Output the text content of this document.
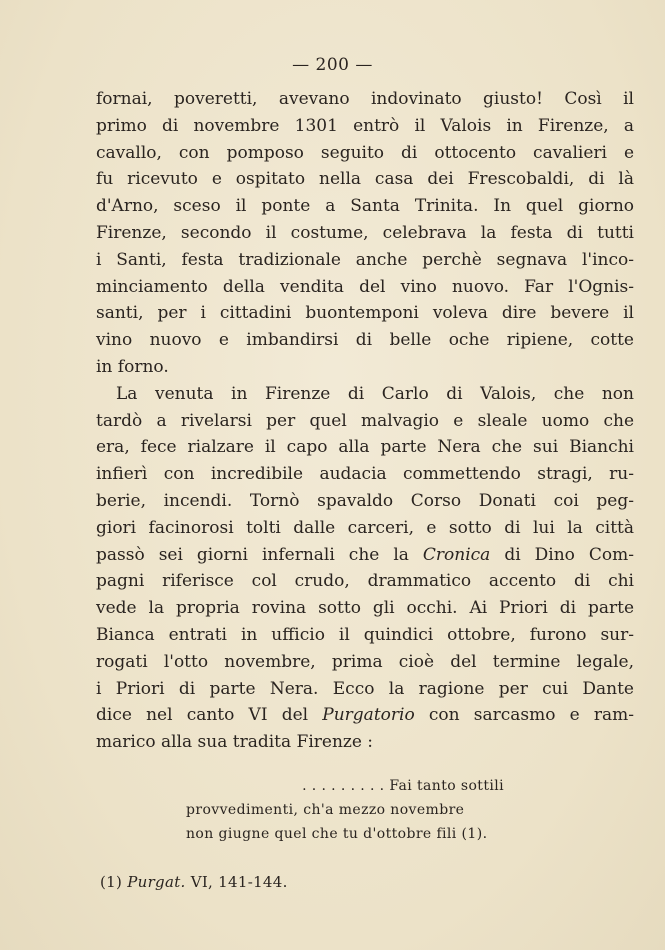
— 200 —

fornai, poveretti, avevano indovinato giusto! Così il
primo di novembre 1301 entrò il Valois in Firenze, a
cavallo, con pomposo seguito di ottocento cavalieri e
fu ricevuto e ospitato nella casa dei Frescobaldi, di là
d'Arno, sceso il ponte a Santa Trinita. In quel giorno
Firenze, secondo il costume, celebrava la festa di tutti
i Santi, festa tradizionale anche perchè segnava l'inco-
minciamento della vendita del vino nuovo. Far l'Ognis-
santi, per i cittadini buontemponi voleva dire bevere il
vino nuovo e imbandirsi di belle oche ripiene, cotte
in forno.

La venuta in Firenze di Carlo di Valois, che non
tardò a rivelarsi per quel malvagio e sleale uomo che
era, fece rialzare il capo alla parte Nera che sui Bianchi
infierì con incredibile audacia commettendo stragi, ru-
berie, incendi. Tornò spavaldo Corso Donati coi peg-
giori facinorosi tolti dalle carceri, e sotto di lui la città
passò sei giorni infernali che la Cronica di Dino Com-
pagni riferisce col crudo, drammatico accento di chi
vede la propria rovina sotto gli occhi. Ai Priori di parte
Bianca entrati in ufficio il quindici ottobre, furono sur-
rogati l'otto novembre, prima cioè del termine legale,
i Priori di parte Nera. Ecco la ragione per cui Dante
dice nel canto VI del Purgatorio con sarcasmo e ram-
marico alla sua tradita Firenze :

. . . . . . . . . Fai tanto sottili
provvedimenti, ch'a mezzo novembre
non giugne quel che tu d'ottobre fili (1).
(1) Purgat. VI, 141-144.
